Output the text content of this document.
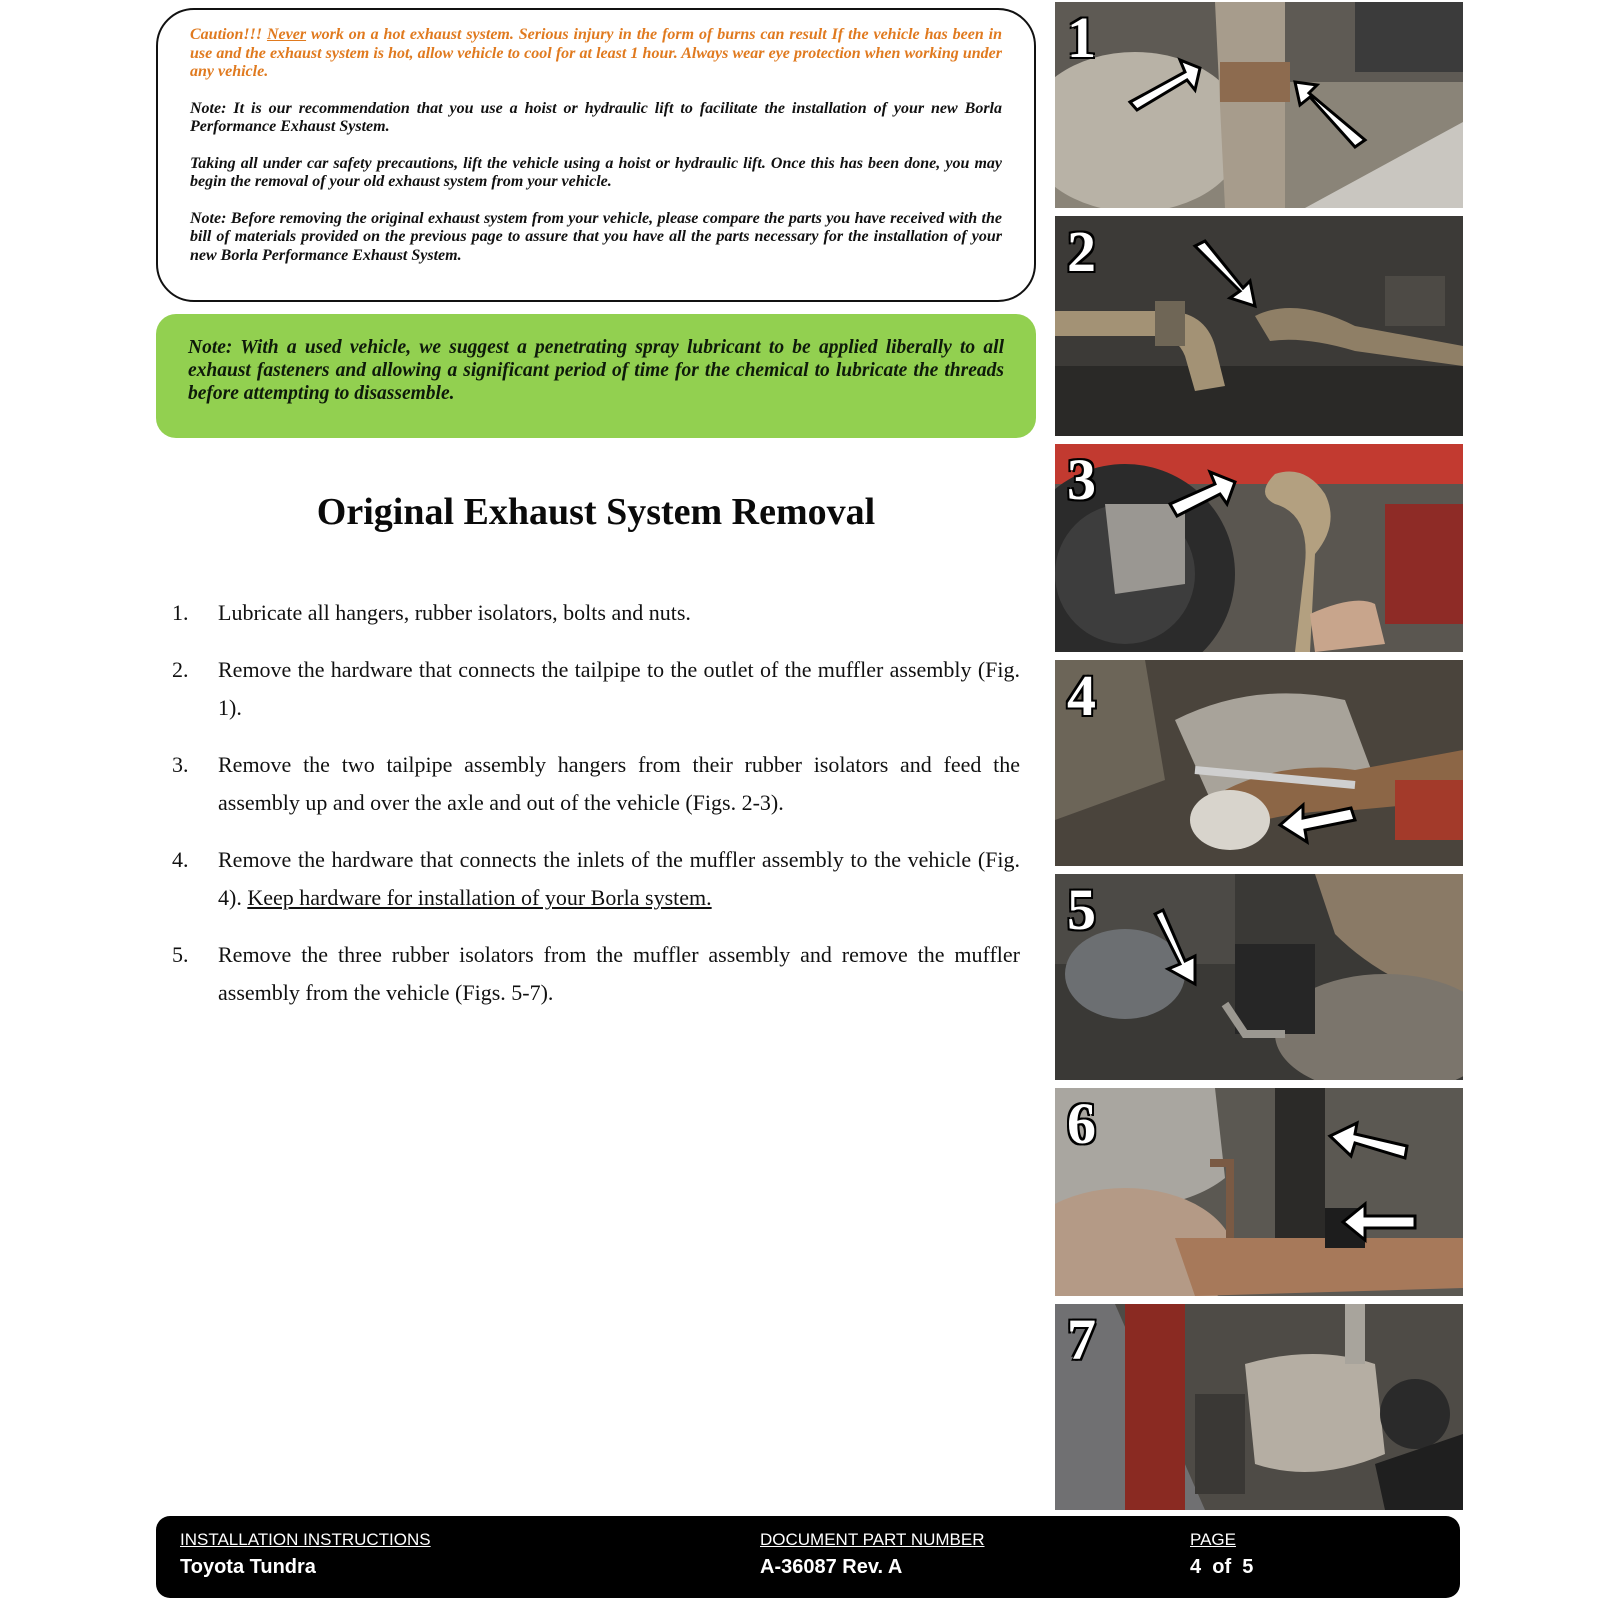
Caution!!! Never work on a hot exhaust system. Serious injury in the form of burns can result If the vehicle has been in use and the exhaust system is hot, allow vehicle to cool for at least 1 hour. Always wear eye protection when working under any vehicle.

Note: It is our recommendation that you use a hoist or hydraulic lift to facilitate the installation of your new Borla Performance Exhaust System.

Taking all under car safety precautions, lift the vehicle using a hoist or hydraulic lift. Once this has been done, you may begin the removal of your old exhaust system from your vehicle.

Note: Before removing the original exhaust system from your vehicle, please compare the parts you have received with the bill of materials provided on the previous page to assure that you have all the parts necessary for the installation of your new Borla Performance Exhaust System.

Note: With a used vehicle, we suggest a penetrating spray lubricant to be applied liberally to all exhaust fasteners and allowing a significant period of time for the chemical to lubricate the threads before attempting to disassemble.
Original Exhaust System Removal
1.	Lubricate all hangers, rubber isolators, bolts and nuts.
2.	Remove the hardware that connects the tailpipe to the outlet of the muffler assembly (Fig. 1).
3.	Remove the two tailpipe assembly hangers from their rubber isolators and feed the assembly up and over the axle and out of the vehicle (Figs. 2-3).
4.	Remove the hardware that connects the inlets of the muffler assembly to the vehicle (Fig. 4). Keep hardware for installation of your Borla system.
5.	Remove the three rubber isolators from the muffler assembly and remove the muffler assembly from the vehicle (Figs. 5-7).
1
2
3
4
5
6
7
INSTALLATION INSTRUCTIONS
Toyota Tundra
DOCUMENT PART NUMBER
A-36087 Rev. A
PAGE
4  of  5
